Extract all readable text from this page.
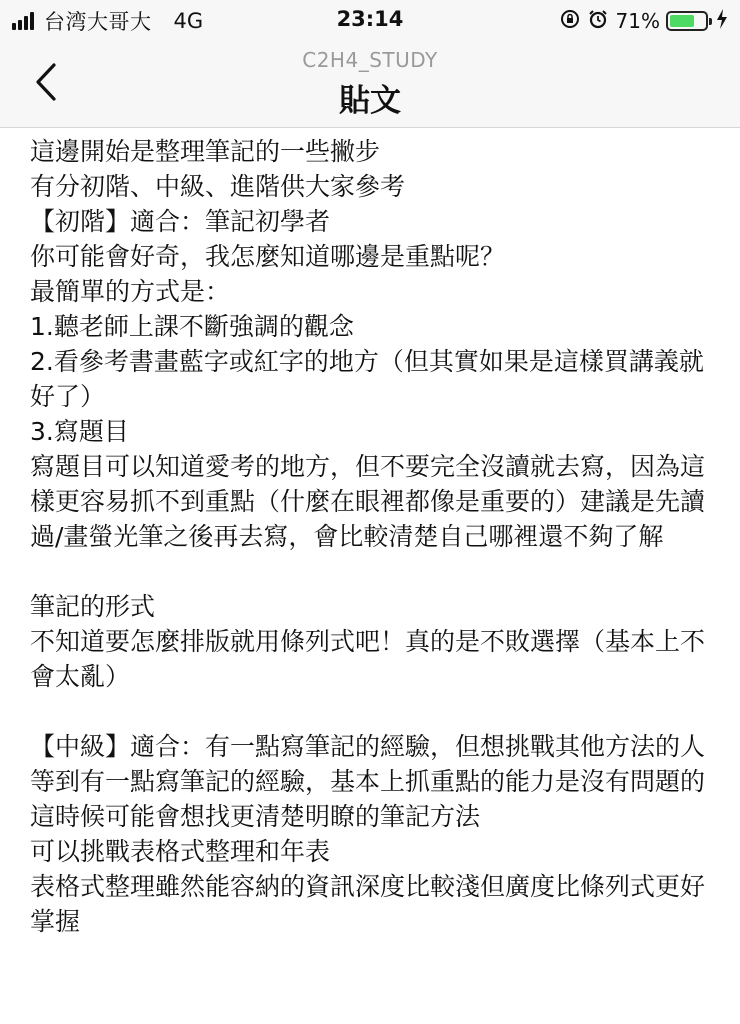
台湾大哥大 4G	23:14	71%
C2H4_STUDY
貼文

這邊開始是整理筆記的一些撇步

有分初階、中級、進階供大家參考

【初階】適合：筆記初學者

你可能會好奇，我怎麼知道哪邊是重點呢？

最簡單的方式是：

1.聽老師上課不斷強調的觀念

2.看參考書畫藍字或紅字的地方（但其實如果是這樣買講義就好了）

3.寫題目

寫題目可以知道愛考的地方，但不要完全沒讀就去寫，因為這樣更容易抓不到重點（什麼在眼裡都像是重要的）建議是先讀過/畫螢光筆之後再去寫，會比較清楚自己哪裡還不夠了解

筆記的形式

不知道要怎麼排版就用條列式吧！真的是不敗選擇（基本上不會太亂）

【中級】適合：有一點寫筆記的經驗，但想挑戰其他方法的人

等到有一點寫筆記的經驗，基本上抓重點的能力是沒有問題的

這時候可能會想找更清楚明瞭的筆記方法

可以挑戰表格式整理和年表

表格式整理雖然能容納的資訊深度比較淺但廣度比條列式更好掌握
